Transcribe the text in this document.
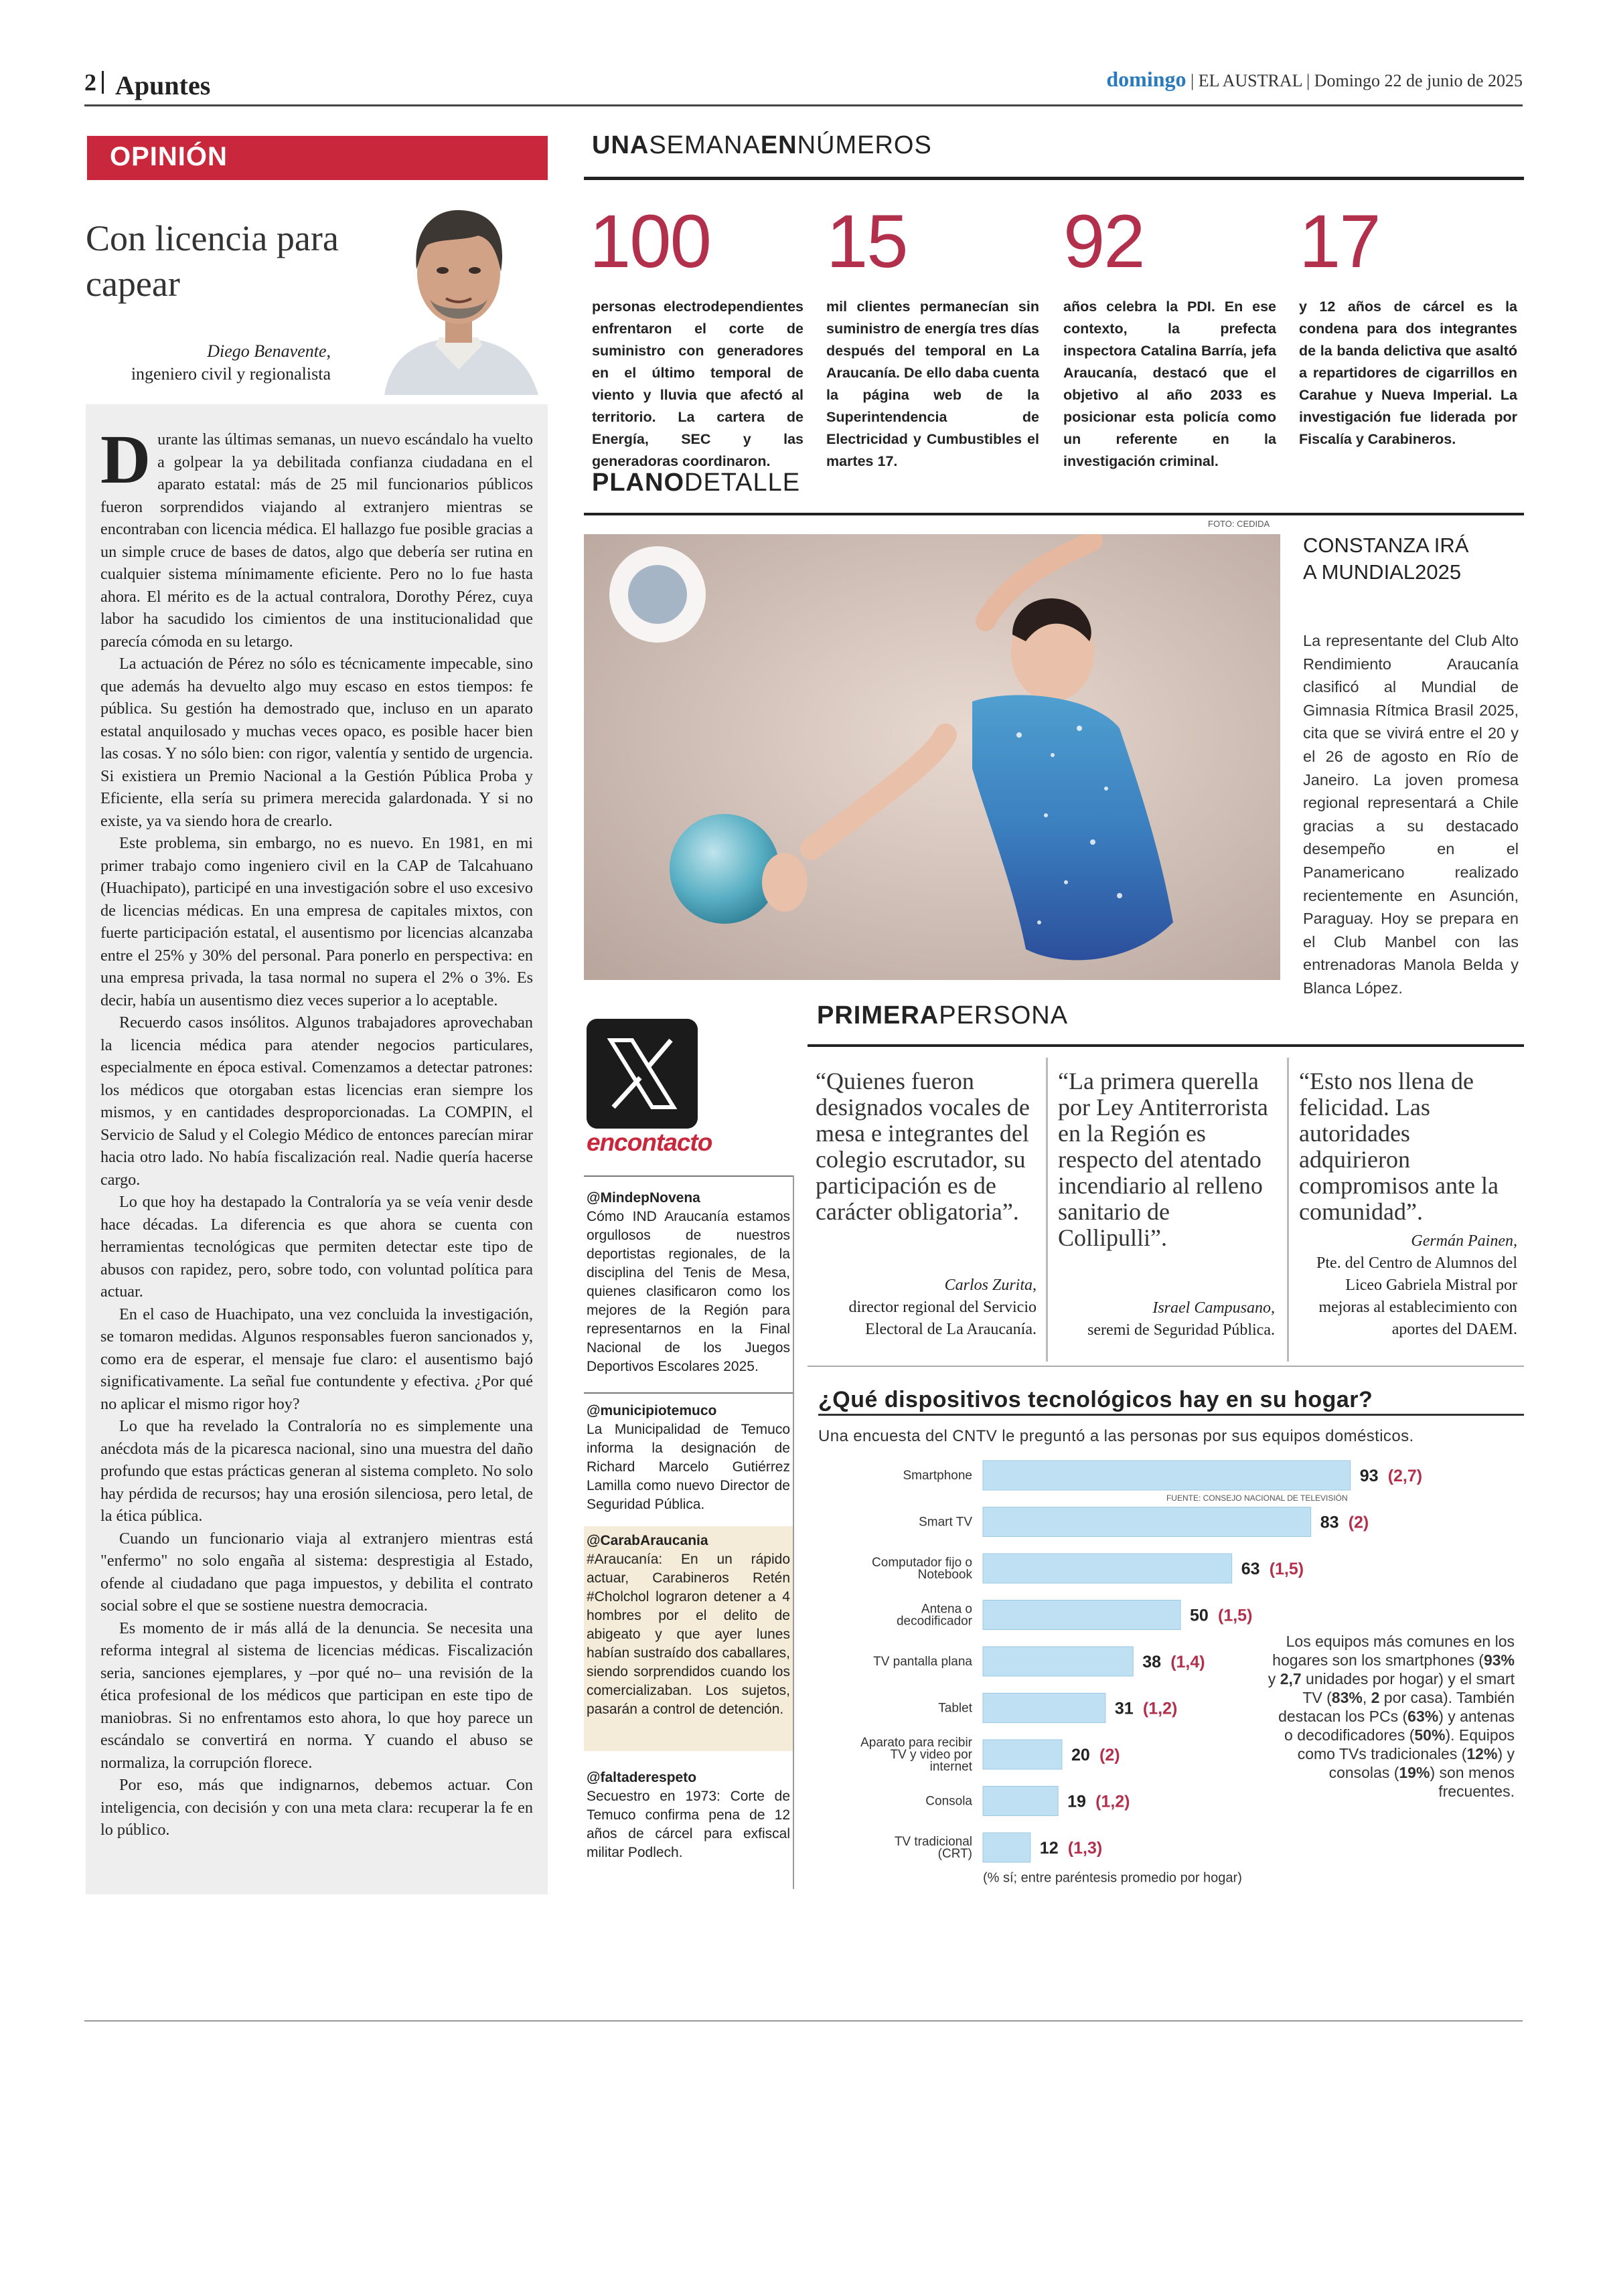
2 Apuntes	domingo | EL AUSTRAL | Domingo 22 de junio de 2025
OPINIÓN
Con licencia para capear
Diego Benavente,
ingeniero civil y regionalista

Durante las últimas semanas, un nuevo escándalo ha vuelto a golpear la ya debilitada confianza ciudadana en el aparato estatal: más de 25 mil funcionarios públicos fueron sorprendidos viajando al extranjero mientras se encontraban con licencia médica. El hallazgo fue posible gracias a un simple cruce de bases de datos, algo que debería ser rutina en cualquier sistema mínimamente eficiente. Pero no lo fue hasta ahora. El mérito es de la actual contralora, Dorothy Pérez, cuya labor ha sacudido los cimientos de una institucionalidad que parecía cómoda en su letargo.

La actuación de Pérez no sólo es técnicamente impecable, sino que además ha devuelto algo muy escaso en estos tiempos: fe pública. Su gestión ha demostrado que, incluso en un aparato estatal anquilosado y muchas veces opaco, es posible hacer bien las cosas. Y no sólo bien: con rigor, valentía y sentido de urgencia. Si existiera un Premio Nacional a la Gestión Pública Proba y Eficiente, ella sería su primera merecida galardonada. Y si no existe, ya va siendo hora de crearlo.

Este problema, sin embargo, no es nuevo. En 1981, en mi primer trabajo como ingeniero civil en la CAP de Talcahuano (Huachipato), participé en una investigación sobre el uso excesivo de licencias médicas. En una empresa de capitales mixtos, con fuerte participación estatal, el ausentismo por licencias alcanzaba entre el 25% y 30% del personal. Para ponerlo en perspectiva: en una empresa privada, la tasa normal no supera el 2% o 3%. Es decir, había un ausentismo diez veces superior a lo aceptable.

Recuerdo casos insólitos. Algunos trabajadores aprovechaban la licencia médica para atender negocios particulares, especialmente en época estival. Comenzamos a detectar patrones: los médicos que otorgaban estas licencias eran siempre los mismos, y en cantidades desproporcionadas. La COMPIN, el Servicio de Salud y el Colegio Médico de entonces parecían mirar hacia otro lado. No había fiscalización real. Nadie quería hacerse cargo.

Lo que hoy ha destapado la Contraloría ya se veía venir desde hace décadas. La diferencia es que ahora se cuenta con herramientas tecnológicas que permiten detectar este tipo de abusos con rapidez, pero, sobre todo, con voluntad política para actuar.

En el caso de Huachipato, una vez concluida la investigación, se tomaron medidas. Algunos responsables fueron sancionados y, como era de esperar, el mensaje fue claro: el ausentismo bajó significativamente. La señal fue contundente y efectiva. ¿Por qué no aplicar el mismo rigor hoy?

Lo que ha revelado la Contraloría no es simplemente una anécdota más de la picaresca nacional, sino una muestra del daño profundo que estas prácticas generan al sistema completo. No solo hay pérdida de recursos; hay una erosión silenciosa, pero letal, de la ética pública.

Cuando un funcionario viaja al extranjero mientras está "enfermo" no solo engaña al sistema: desprestigia al Estado, ofende al ciudadano que paga impuestos, y debilita el contrato social sobre el que se sostiene nuestra democracia.

Es momento de ir más allá de la denuncia. Se necesita una reforma integral al sistema de licencias médicas. Fiscalización seria, sanciones ejemplares, y –por qué no– una revisión de la ética profesional de los médicos que participan en este tipo de maniobras. Si no enfrentamos esto ahora, lo que hoy parece un escándalo se convertirá en norma. Y cuando el abuso se normaliza, la corrupción florece.

Por eso, más que indignarnos, debemos actuar. Con inteligencia, con decisión y con una meta clara: recuperar la fe en lo público.

UNASEMANAENNÚMEROS
100
personas electrodependientes enfrentaron el corte de suministro con generadores en el último temporal de viento y lluvia que afectó al territorio. La cartera de Energía, SEC y las generadoras coordinaron.
15
mil clientes permanecían sin suministro de energía tres días después del temporal en La Araucanía. De ello daba cuenta la página web de la Superintendencia de Electricidad y Cumbustibles el martes 17.
92
años celebra la PDI. En ese contexto, la prefecta inspectora Catalina Barría, jefa Araucanía, destacó que el objetivo al año 2033 es posicionar esta policía como un referente en la investigación criminal.
17
y 12 años de cárcel es la condena para dos integrantes de la banda delictiva que asaltó a repartidores de cigarrillos en Carahue y Nueva Imperial. La investigación fue liderada por Fiscalía y Carabineros.
PLANODETALLE
FOTO: CEDIDA
CONSTANZA IRÁ
A MUNDIAL2025
La representante del Club Alto Rendimiento Araucanía clasificó al Mundial de Gimnasia Rítmica Brasil 2025, cita que se vivirá entre el 20 y el 26 de agosto en Río de Janeiro. La joven promesa regional representará a Chile gracias a su destacado desempeño en el Panamericano realizado recientemente en Asunción, Paraguay. Hoy se prepara en el Club Manbel con las entrenadoras Manola Belda y Blanca López.
encontacto
@MindepNovena
Cómo IND Araucanía estamos orgullosos de nuestros deportistas regionales, de la disciplina del Tenis de Mesa, quienes clasificaron como los mejores de la Región para representarnos en la Final Nacional de los Juegos Deportivos Escolares 2025.
@municipiotemuco
La Municipalidad de Temuco informa la designación de Richard Marcelo Gutiérrez Lamilla como nuevo Director de Seguridad Pública.
@CarabAraucania
#Araucanía: En un rápido actuar, Carabineros Retén #Cholchol lograron detener a 4 hombres por el delito de abigeato y que ayer lunes habían sustraído dos caballares, siendo sorprendidos cuando los comercializaban. Los sujetos, pasarán a control de detención.
@faltaderespeto
Secuestro en 1973: Corte de Temuco confirma pena de 12 años de cárcel para exfiscal militar Podlech.
PRIMERAPERSONA
“Quienes fueron designados vocales de mesa e integrantes del colegio escrutador, su participación es de carácter obligatoria”.
Carlos Zurita,
director regional del Servicio Electoral de La Araucanía.
“La primera querella por Ley Antiterrorista en la Región es respecto del atentado incendiario al relleno sanitario de Collipulli”.
Israel Campusano,
seremi de Seguridad Pública.
“Esto nos llena de felicidad. Las autoridades adquirieron compromisos ante la comunidad”.
Germán Painen,
Pte. del Centro de Alumnos del Liceo Gabriela Mistral por mejoras al establecimiento con aportes del DAEM.
¿Qué dispositivos tecnológicos hay en su hogar?
Una encuesta del CNTV le preguntó a las personas por sus equipos domésticos.
Smartphone	93 (2,7)
Smart TV	83 (2)
Computador fijo o
Notebook	63 (1,5)
Antena o
decodificador	50 (1,5)
TV pantalla plana	38 (1,4)
Tablet	31 (1,2)
Aparato para recibir
TV y video por
internet
20 (2)
Consola	19 (1,2)
TV tradicional
(CRT)	12 (1,3)
FUENTE: CONSEJO NACIONAL DE TELEVISIÓN
(% sí; entre paréntesis promedio por hogar)
Los equipos más comunes en los hogares son los smartphones (93% y 2,7 unidades por hogar) y el smart TV (83%, 2 por casa). También destacan los PCs (63%) y antenas o decodificadores (50%). Equipos como TVs tradicionales (12%) y consolas (19%) son menos frecuentes.
